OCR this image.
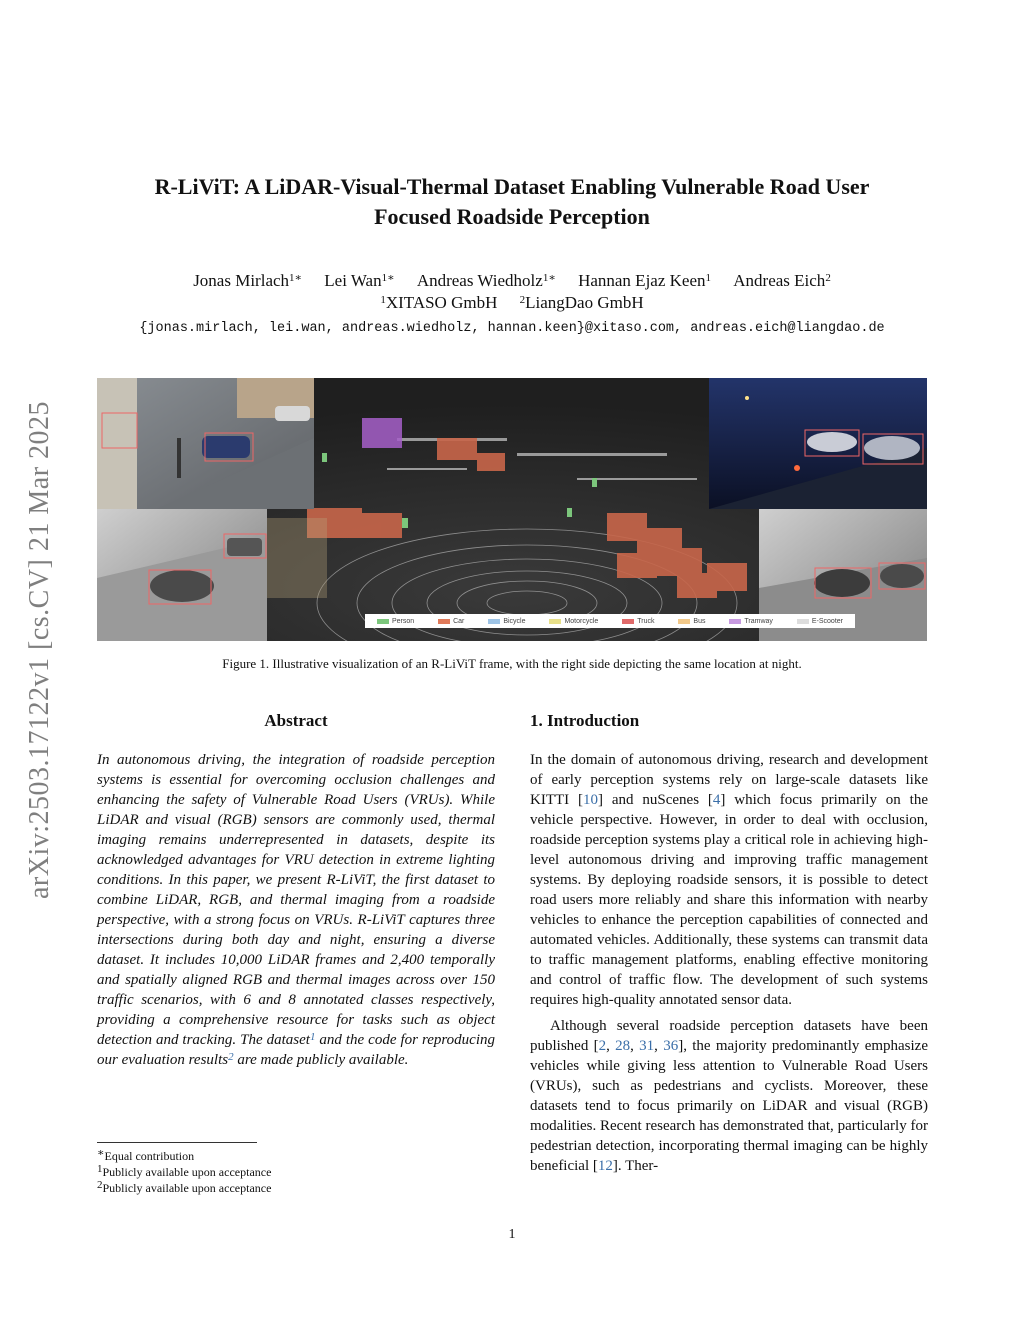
arXiv:2503.17122v1 [cs.CV] 21 Mar 2025
R-LiViT: A LiDAR-Visual-Thermal Dataset Enabling Vulnerable Road User
Focused Roadside Perception
Jonas Mirlach$^{1∗}$ Lei Wan$^{1∗}$ Andreas Wiedholz$^{1∗}$ Hannan Ejaz Keen$^1$ Andreas Eich$^2$
$^1$XITASO GmbH $^2$LiangDao GmbH
{jonas.mirlach, lei.wan, andreas.wiedholz, hannan.keen}@xitaso.com, andreas.eich@liangdao.de
Person	Car	Bicycle	Motorcycle	Truck	Bus	Tramway	E-Scooter
Figure 1. Illustrative visualization of an R-LiViT frame, with the right side depicting the same location at night.
Abstract
In autonomous driving, the integration of roadside perception systems is essential for overcoming occlusion challenges and enhancing the safety of Vulnerable Road Users (VRUs). While LiDAR and visual (RGB) sensors are commonly used, thermal imaging remains underrepresented in datasets, despite its acknowledged advantages for VRU detection in extreme lighting conditions. In this paper, we present R-LiViT, the first dataset to combine LiDAR, RGB, and thermal imaging from a roadside perspective, with a strong focus on VRUs. R-LiViT captures three intersections during both day and night, ensuring a diverse dataset. It includes 10,000 LiDAR frames and 2,400 temporally and spatially aligned RGB and thermal images across over 150 traffic scenarios, with 6 and 8 annotated classes respectively, providing a comprehensive resource for tasks such as object detection and tracking. The dataset$^1$ and the code for reproducing our evaluation results$^2$ are made publicly available.
∗Equal contribution
$^1$Publicly available upon acceptance
$^2$Publicly available upon acceptance
1. Introduction

In the domain of autonomous driving, research and development of early perception systems rely on large-scale datasets like KITTI [10] and nuScenes [4] which focus primarily on the vehicle perspective. However, in order to deal with occlusion, roadside perception systems play a critical role in achieving high-level autonomous driving and improving traffic management systems. By deploying roadside sensors, it is possible to detect road users more reliably and share this information with nearby vehicles to enhance the perception capabilities of connected and automated vehicles. Additionally, these systems can transmit data to traffic management platforms, enabling effective monitoring and control of traffic flow. The development of such systems requires high-quality annotated sensor data.

Although several roadside perception datasets have been published [2, 28, 31, 36], the majority predominantly emphasize vehicles while giving less attention to Vulnerable Road Users (VRUs), such as pedestrians and cyclists. Moreover, these datasets tend to focus primarily on LiDAR and visual (RGB) modalities. Recent research has demonstrated that, particularly for pedestrian detection, incorporating thermal imaging can be highly beneficial [12]. Ther-

1
